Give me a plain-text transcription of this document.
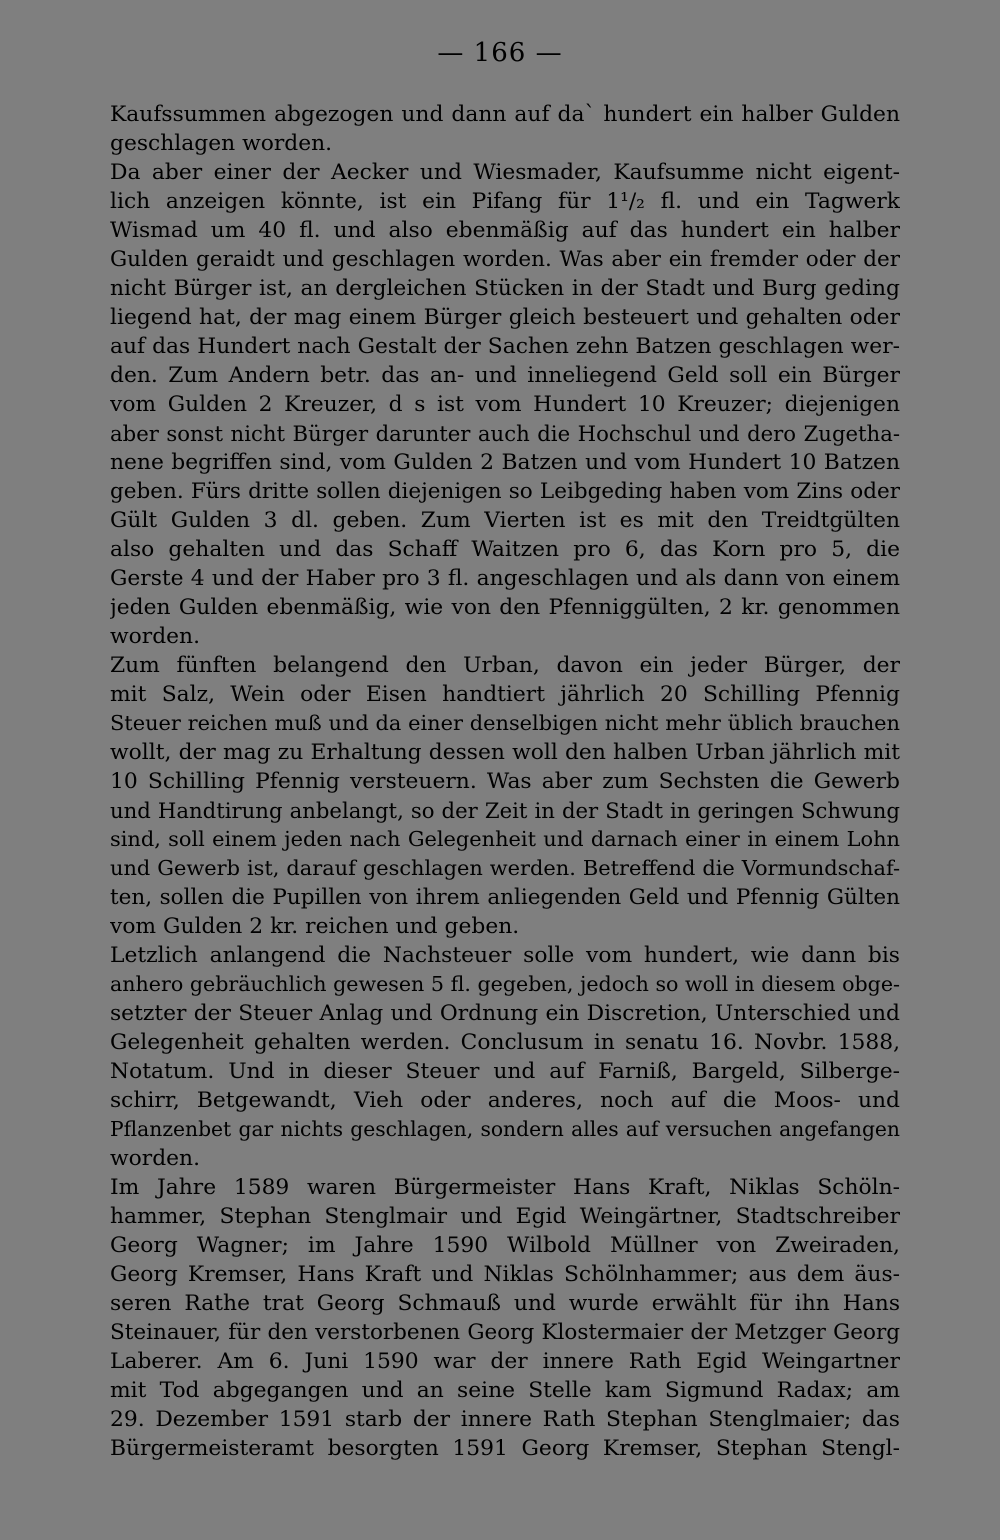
— 166 —
Kaufssummen abgezogen und dann auf da` hundert ein halber Gulden
geschlagen worden.
Da aber einer der Aecker und Wiesmader, Kaufsumme nicht eigent-
lich anzeigen könnte, ist ein Pifang für 1¹/₂ fl. und ein Tagwerk
Wismad um 40 fl. und also ebenmäßig auf das hundert ein halber
Gulden geraidt und geschlagen worden. Was aber ein fremder oder der
nicht Bürger ist, an dergleichen Stücken in der Stadt und Burg geding
liegend hat, der mag einem Bürger gleich besteuert und gehalten oder
auf das Hundert nach Gestalt der Sachen zehn Batzen geschlagen wer-
den. Zum Andern betr. das an- und inneliegend Geld soll ein Bürger
vom Gulden 2 Kreuzer, d s ist vom Hundert 10 Kreuzer; diejenigen
aber sonst nicht Bürger darunter auch die Hochschul und dero Zugetha-
nene begriffen sind, vom Gulden 2 Batzen und vom Hundert 10 Batzen
geben. Fürs dritte sollen diejenigen so Leibgeding haben vom Zins oder
Gült Gulden 3 dl. geben. Zum Vierten ist es mit den Treidtgülten
also gehalten und das Schaff Waitzen pro 6, das Korn pro 5, die
Gerste 4 und der Haber pro 3 fl. angeschlagen und als dann von einem
jeden Gulden ebenmäßig, wie von den Pfenniggülten, 2 kr. genommen
worden.
Zum fünften belangend den Urban, davon ein jeder Bürger, der
mit Salz, Wein oder Eisen handtiert jährlich 20 Schilling Pfennig
Steuer reichen muß und da einer denselbigen nicht mehr üblich brauchen
wollt, der mag zu Erhaltung dessen woll den halben Urban jährlich mit
10 Schilling Pfennig versteuern. Was aber zum Sechsten die Gewerb
und Handtirung anbelangt, so der Zeit in der Stadt in geringen Schwung
sind, soll einem jeden nach Gelegenheit und darnach einer in einem Lohn
und Gewerb ist, darauf geschlagen werden. Betreffend die Vormundschaf-
ten, sollen die Pupillen von ihrem anliegenden Geld und Pfennig Gülten
vom Gulden 2 kr. reichen und geben.
Letzlich anlangend die Nachsteuer solle vom hundert, wie dann bis
anhero gebräuchlich gewesen 5 fl. gegeben, jedoch so woll in diesem obge-
setzter der Steuer Anlag und Ordnung ein Discretion, Unterschied und
Gelegenheit gehalten werden. Conclusum in senatu 16. Novbr. 1588,
Notatum. Und in dieser Steuer und auf Farniß, Bargeld, Silberge-
schirr, Betgewandt, Vieh oder anderes, noch auf die Moos- und
Pflanzenbet gar nichts geschlagen, sondern alles auf versuchen angefangen
worden.
Im Jahre 1589 waren Bürgermeister Hans Kraft, Niklas Schöln-
hammer, Stephan Stenglmair und Egid Weingärtner, Stadtschreiber
Georg Wagner; im Jahre 1590 Wilbold Müllner von Zweiraden,
Georg Kremser, Hans Kraft und Niklas Schölnhammer; aus dem äus-
seren Rathe trat Georg Schmauß und wurde erwählt für ihn Hans
Steinauer, für den verstorbenen Georg Klostermaier der Metzger Georg
Laberer. Am 6. Juni 1590 war der innere Rath Egid Weingartner
mit Tod abgegangen und an seine Stelle kam Sigmund Radax; am
29. Dezember 1591 starb der innere Rath Stephan Stenglmaier; das
Bürgermeisteramt besorgten 1591 Georg Kremser, Stephan Stengl-
